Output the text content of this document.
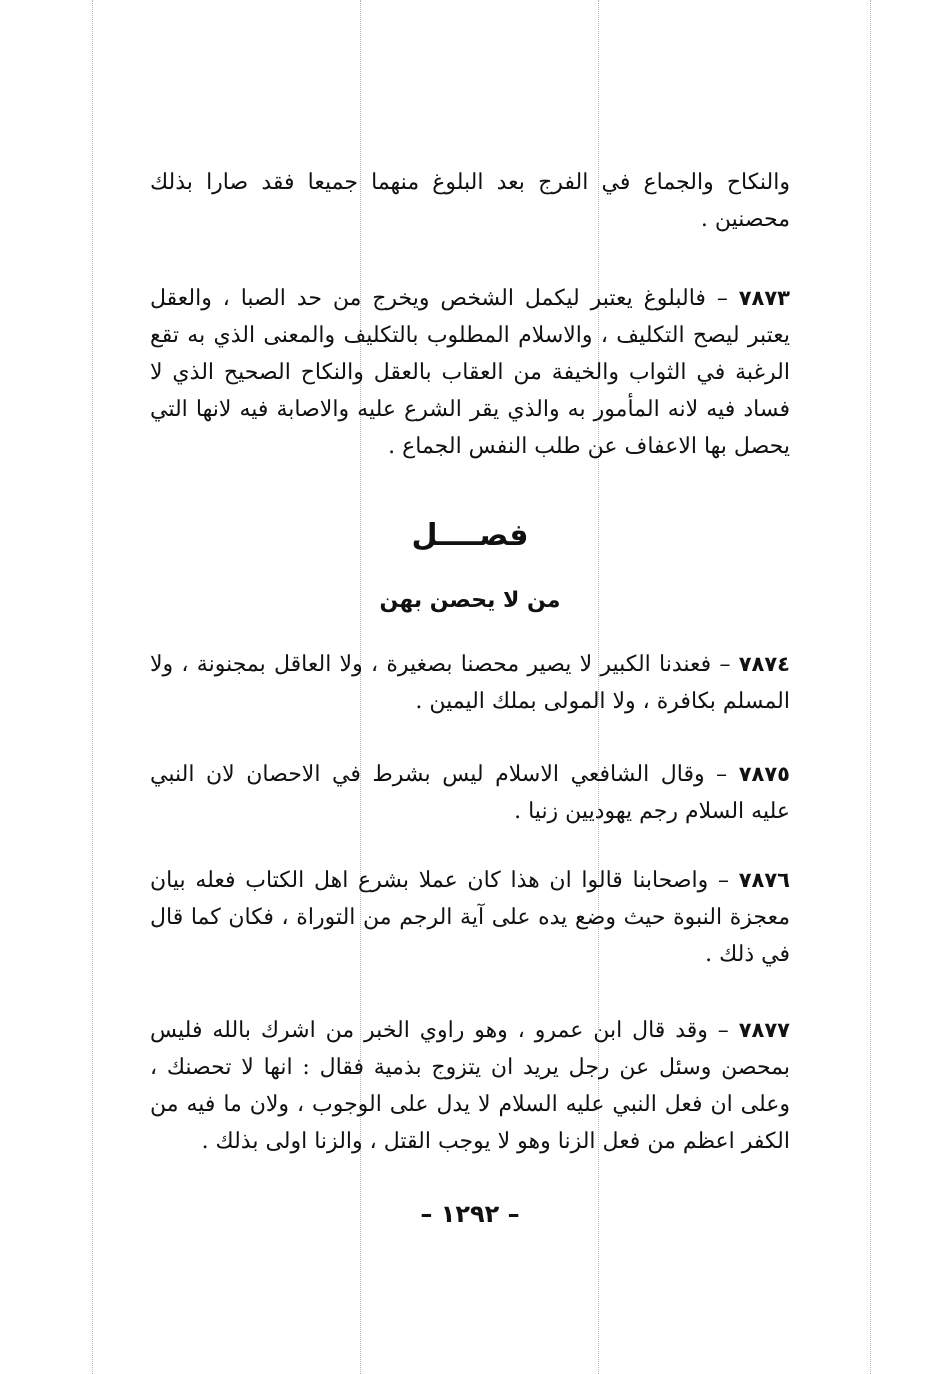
والنكاح والجماع في الفرج بعد البلوغ منهما جميعا فقد صارا بذلك محصنين .

٧٨٧٣ – فالبلوغ يعتبر ليكمل الشخص ويخرج من حد الصبا ، والعقل يعتبر ليصح التكليف ، والاسلام المطلوب بالتكليف والمعنى الذي به تقع الرغبة في الثواب والخيفة من العقاب بالعقل والنكاح الصحيح الذي لا فساد فيه لانه المأمور به والذي يقر الشرع عليه والاصابة فيه لانها التي يحصل بها الاعفاف عن طلب النفس الجماع .

فصــــل
من لا يحصن بهن

٧٨٧٤ – فعندنا الكبير لا يصير محصنا بصغيرة ، ولا العاقل بمجنونة ، ولا المسلم بكافرة ، ولا المولى بملك اليمين .

٧٨٧٥ – وقال الشافعي الاسلام ليس بشرط في الاحصان لان النبي عليه السلام رجم يهوديين زنيا .

٧٨٧٦ – واصحابنا قالوا ان هذا كان عملا بشرع اهل الكتاب فعله بيان معجزة النبوة حيث وضع يده على آية الرجم من التوراة ، فكان كما قال في ذلك .

٧٨٧٧ – وقد قال ابن عمرو ، وهو راوي الخبر من اشرك بالله فليس بمحصن وسئل عن رجل يريد ان يتزوج بذمية فقال : انها لا تحصنك ، وعلى ان فعل النبي عليه السلام لا يدل على الوجوب ، ولان ما فيه من الكفر اعظم من فعل الزنا وهو لا يوجب القتل ، والزنا اولى بذلك .

– ١٢٩٢ –
